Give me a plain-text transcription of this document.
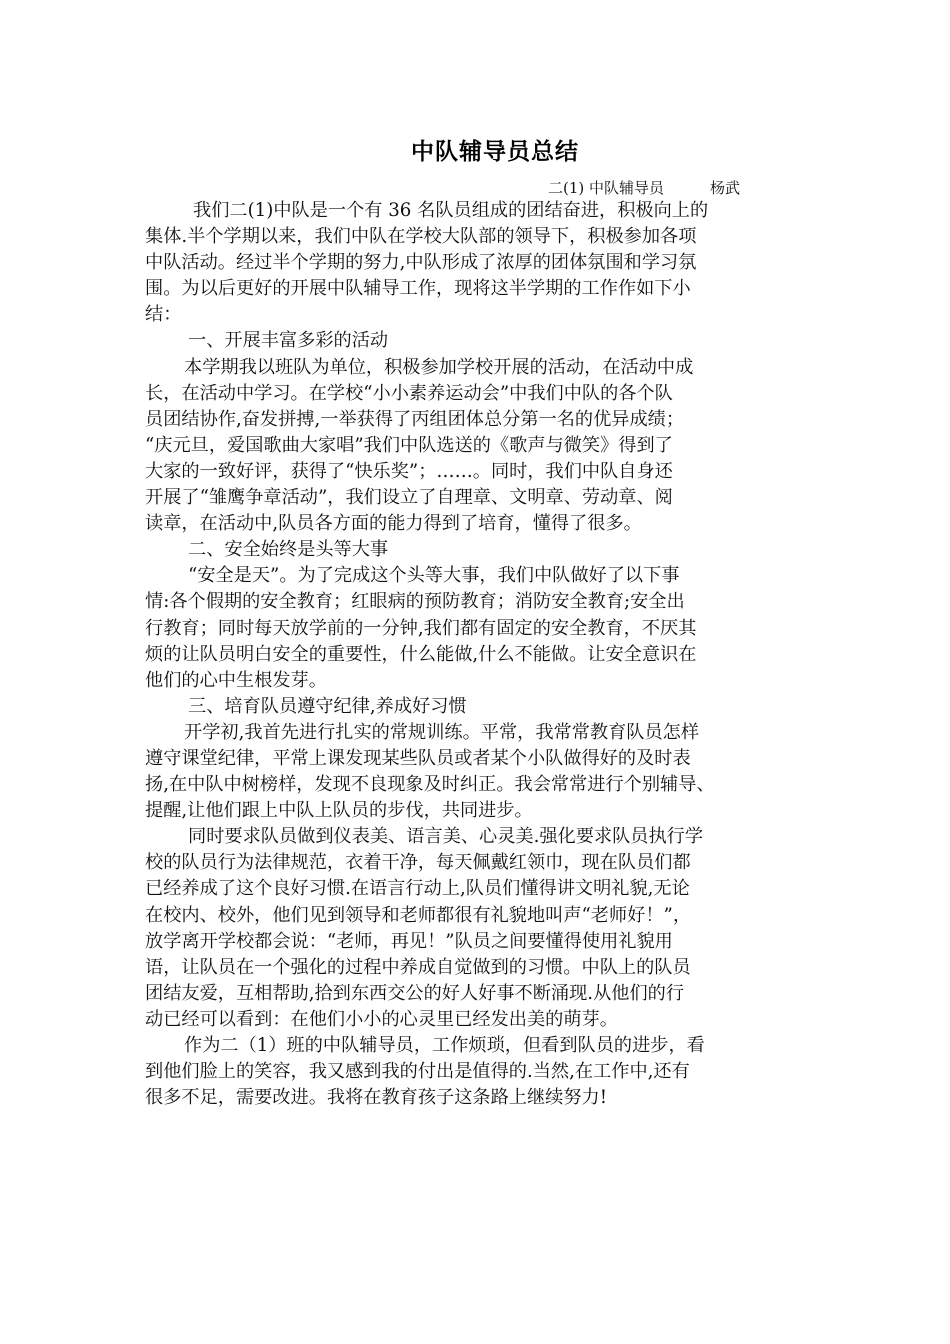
中队辅导员总结
二(1) 中队辅导员	杨武
我们二(1)中队是一个有 36 名队员组成的团结奋进，积极向上的
集体.半个学期以来，我们中队在学校大队部的领导下，积极参加各项
中队活动。经过半个学期的努力,中队形成了浓厚的团体氛围和学习氛
围。为以后更好的开展中队辅导工作，现将这半学期的工作作如下小
结：
一、开展丰富多彩的活动
本学期我以班队为单位，积极参加学校开展的活动，在活动中成
长，在活动中学习。在学校“小小素养运动会”中我们中队的各个队
员团结协作,奋发拼搏,一举获得了丙组团体总分第一名的优异成绩；
“庆元旦，爱国歌曲大家唱”我们中队选送的《歌声与微笑》得到了
大家的一致好评，获得了“快乐奖”；……。同时，我们中队自身还
开展了“雏鹰争章活动”，我们设立了自理章、文明章、劳动章、阅
读章，在活动中,队员各方面的能力得到了培育，懂得了很多。
二、安全始终是头等大事
“安全是天”。为了完成这个头等大事，我们中队做好了以下事
情:各个假期的安全教育；红眼病的预防教育；消防安全教育;安全出
行教育；同时每天放学前的一分钟,我们都有固定的安全教育，不厌其
烦的让队员明白安全的重要性，什么能做,什么不能做。让安全意识在
他们的心中生根发芽。
三、培育队员遵守纪律,养成好习惯
开学初,我首先进行扎实的常规训练。平常，我常常教育队员怎样
遵守课堂纪律，平常上课发现某些队员或者某个小队做得好的及时表
扬,在中队中树榜样，发现不良现象及时纠正。我会常常进行个别辅导、
提醒,让他们跟上中队上队员的步伐，共同进步。
同时要求队员做到仪表美、语言美、心灵美.强化要求队员执行学
校的队员行为法律规范，衣着干净，每天佩戴红领巾，现在队员们都
已经养成了这个良好习惯.在语言行动上,队员们懂得讲文明礼貌,无论
在校内、校外，他们见到领导和老师都很有礼貌地叫声“老师好！”，
放学离开学校都会说：“老师，再见！”队员之间要懂得使用礼貌用
语，让队员在一个强化的过程中养成自觉做到的习惯。中队上的队员
团结友爱，互相帮助,拾到东西交公的好人好事不断涌现.从他们的行
动已经可以看到：在他们小小的心灵里已经发出美的萌芽。
作为二（1）班的中队辅导员，工作烦琐，但看到队员的进步，看
到他们脸上的笑容，我又感到我的付出是值得的.当然,在工作中,还有
很多不足，需要改进。我将在教育孩子这条路上继续努力!
